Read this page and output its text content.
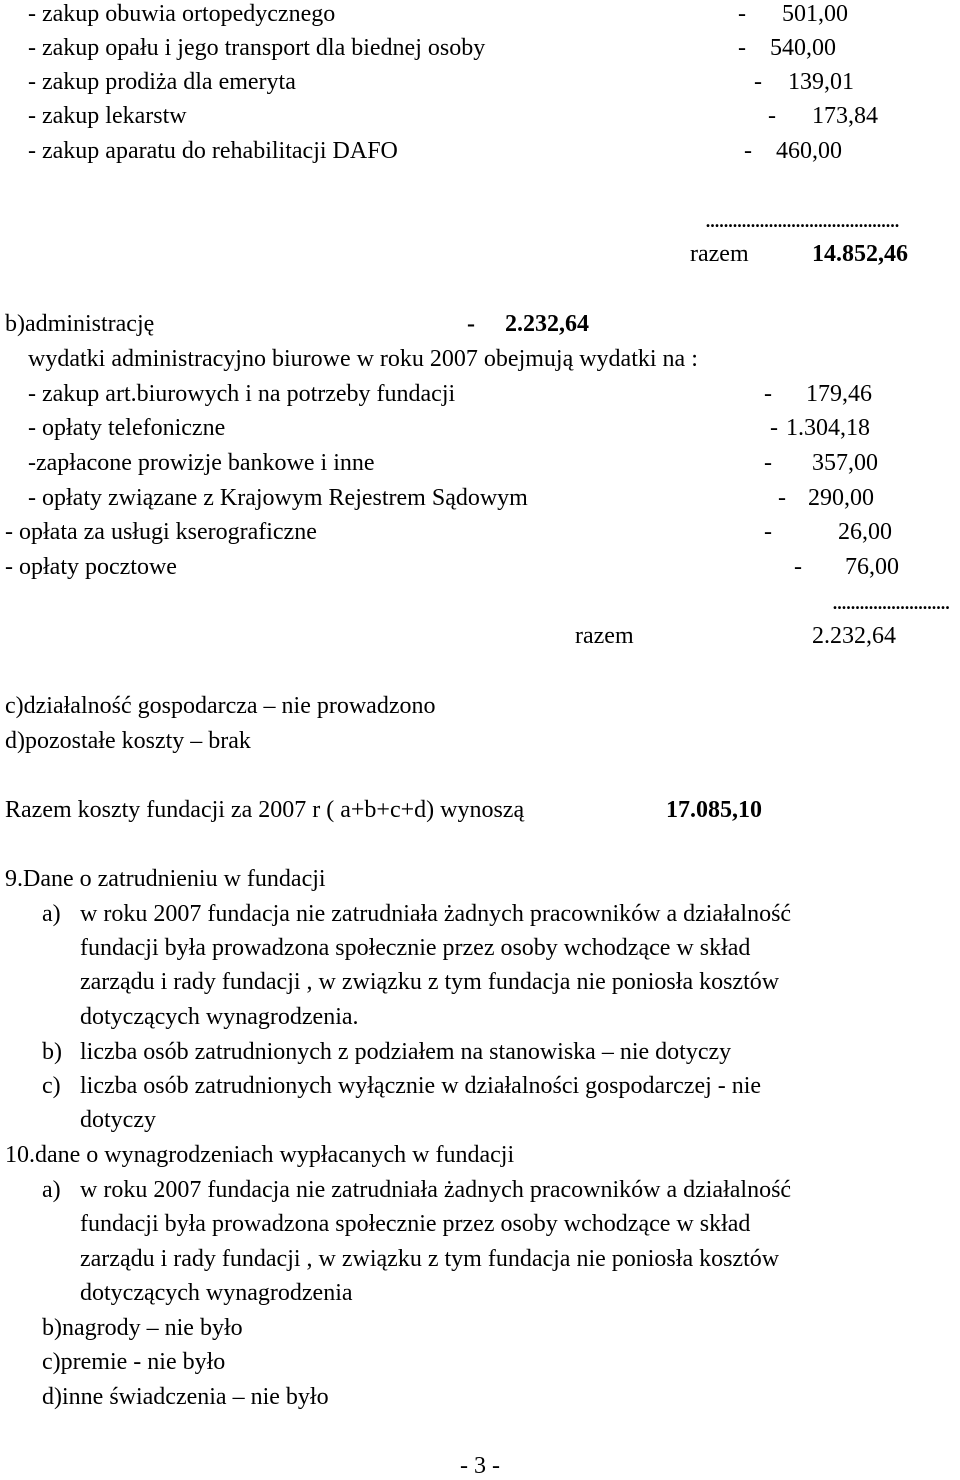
- zakup obuwia ortopedycznego	- 501,00
- zakup opału i jego transport dla biednej osoby	- 540,00
- zakup prodiża dla emeryta	- 139,01
- zakup lekarstw	- 173,84
- zakup aparatu do rehabilitacji DAFO	- 460,00
...........................................
razem	14.852,46
b)administrację	- 2.232,64
wydatki administracyjno biurowe w roku 2007 obejmują wydatki na :
- zakup art.biurowych i na potrzeby fundacji	- 179,46
- opłaty telefoniczne	- 1.304,18
-zapłacone prowizje bankowe i inne	- 357,00
- opłaty związane z Krajowym Rejestrem Sądowym	- 290,00
- opłata za usługi kserograficzne	-	26,00
- opłaty pocztowe	- 76,00
..........................
razem	2.232,64
c)działalność gospodarcza – nie prowadzono
d)pozostałe koszty – brak
Razem koszty fundacji za 2007 r ( a+b+c+d) wynoszą	17.085,10
9.Dane o zatrudnieniu w fundacji
a) w roku 2007 fundacja nie zatrudniała żadnych pracowników a działalność
fundacji była prowadzona społecznie przez osoby wchodzące w skład
zarządu i rady fundacji , w związku z tym fundacja nie poniosła kosztów
dotyczących wynagrodzenia.
b) liczba osób zatrudnionych z podziałem na stanowiska – nie dotyczy
c) liczba osób zatrudnionych wyłącznie w działalności gospodarczej - nie
dotyczy
10.dane o wynagrodzeniach wypłacanych w fundacji
a) w roku 2007 fundacja nie zatrudniała żadnych pracowników a działalność
fundacji była prowadzona społecznie przez osoby wchodzące w skład
zarządu i rady fundacji , w związku z tym fundacja nie poniosła kosztów
dotyczących wynagrodzenia
b)nagrody – nie było
c)premie - nie było
d)inne świadczenia – nie było
- 3 -
